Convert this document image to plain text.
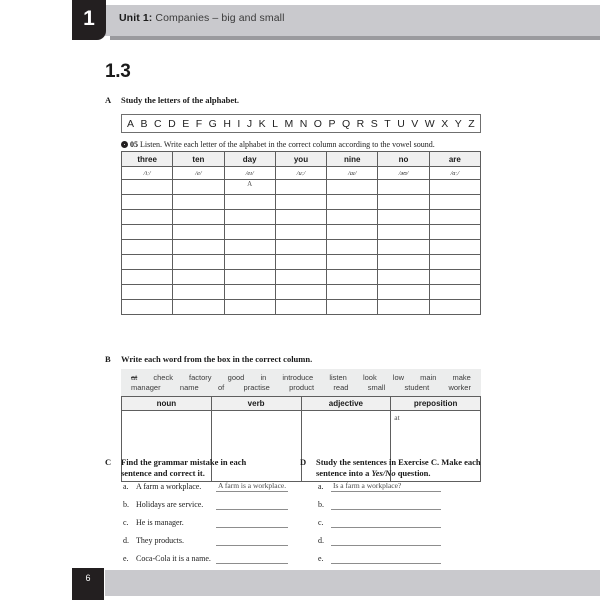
1	Unit 1: Companies – big and small
1.3
A Study the letters of the alphabet.
A B C D E F G H I J K L M N O P Q R S T U V W X Y Z
05 Listen. Write each letter of the alphabet in the correct column according to the vowel sound.
three	ten	day	you	nine	no	are
/iː/	/e/	/eɪ/	/uː/	/aɪ/	/əʊ/	/ɑː/
		A				

B Write each word from the box in the correct column.
at check factory good in introduce listen look low main make
manager	name	of	practise	product	read	small	student	worker
noun	verb	adjective	preposition
			at
C Find the grammar mistake in each sentence and correct it.
a. A farm a workplace. A farm is a workplace.
b. Holidays are service.
c. He is manager.
d. They products.
e. Coca-Cola it is a name.
D Study the sentences in Exercise C. Make each sentence into a Yes/No question.
a. Is a farm a workplace?
b.
c.
d.
e.
6
